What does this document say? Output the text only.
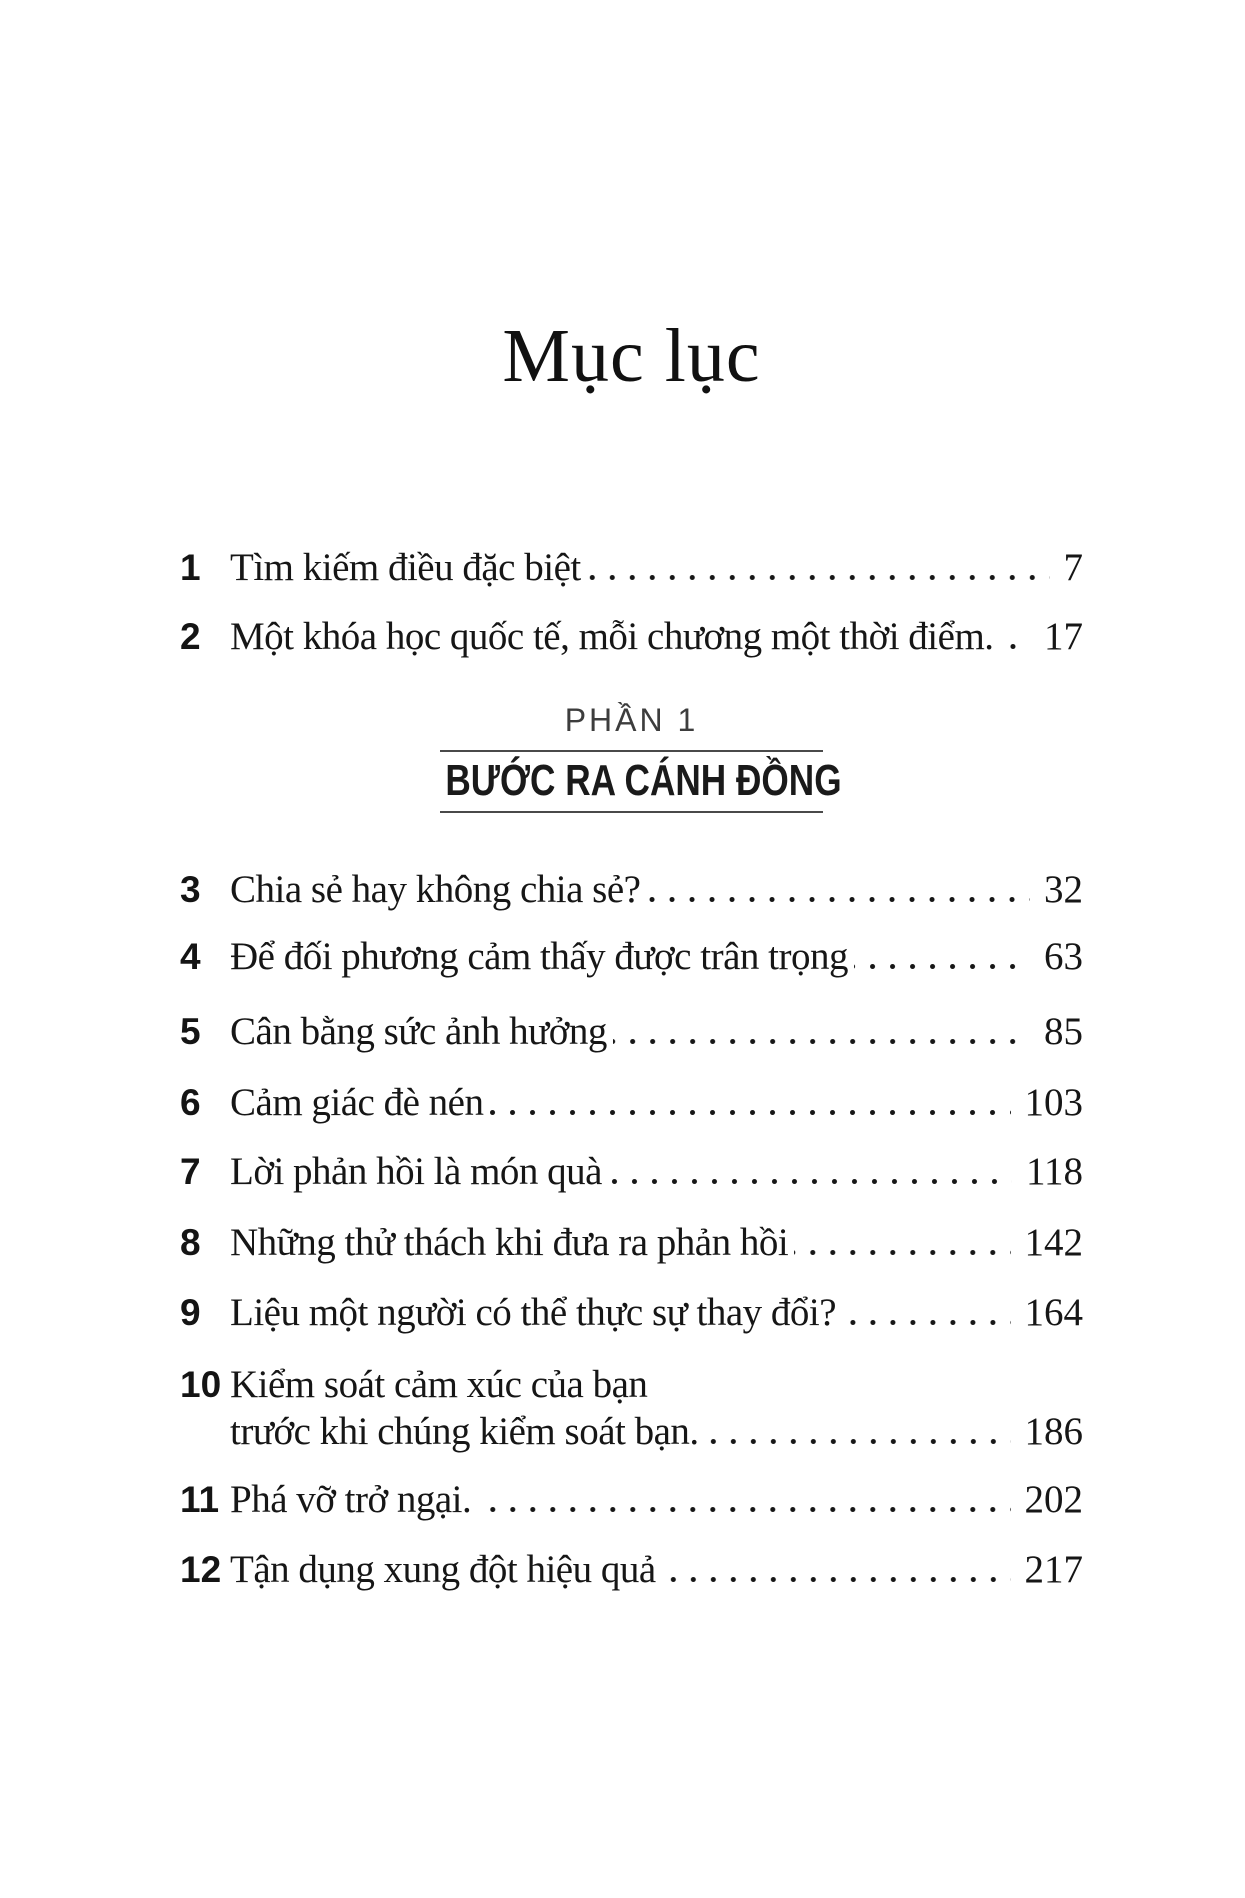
Mục lục
1 Tìm kiếm điều đặc biệt	7
2 Một khóa học quốc tế, mỗi chương một thời điểm. 17
PHẦN 1
BƯỚC RA CÁNH ĐỒNG
3 Chia sẻ hay không chia sẻ?	32
4 Để đối phương cảm thấy được trân trọng	63
5 Cân bằng sức ảnh hưởng	85
6 Cảm giác đè nén	103
7 Lời phản hồi là món quà	118
8 Những thử thách khi đưa ra phản hồi	142
9 Liệu một người có thể thực sự thay đổi?	164
10 Kiểm soát cảm xúc của bạn
trước khi chúng kiểm soát bạn.	186
11 Phá vỡ trở ngại.	202
12 Tận dụng xung đột hiệu quả	217
